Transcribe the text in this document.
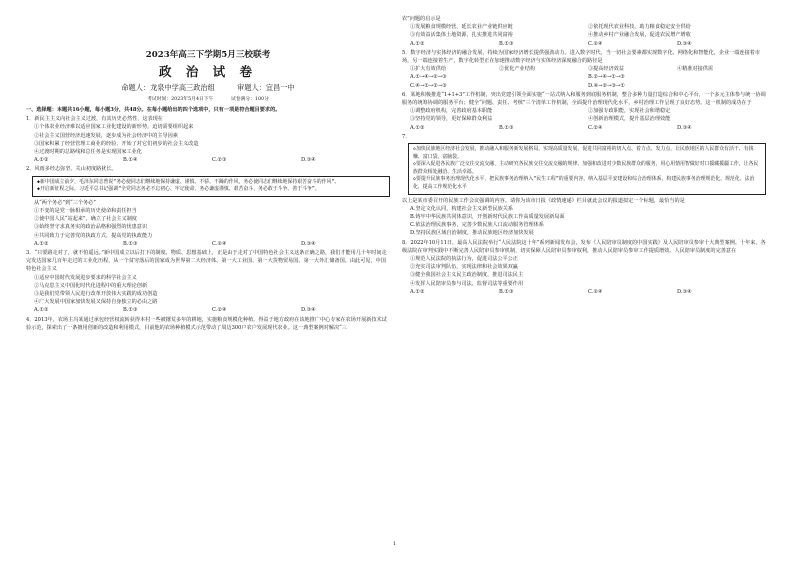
2023年高三下学期5月三校联考
政 治 试 卷
命题人：龙泉中学高三政治组	审题人：宜昌一中
考试时间：2023年5月4日下午	试卷满分：100分
一、选择题：本题共16小题，每小题3分，共48分。在每小题给出的四个选项中，只有一项是符合题目要求的。
1．新民主主义向社会主义过渡，有其历史必然性，这表现在
①个体农业经济难以适应国家工业化建设的新形势，迫切需要组织起来
②社会主义国营经济迅速发展，逐步成为社会经济中的主导因素
③国家积累了经营管理工商业的经验，开始了对它们初步的社会主义改造
④过渡时期的总路线和总任务是实现国家工业化
A.①②	B.①④	C.②③	D.③④
2．风雨多经志弥坚，关山初度路犹长。
◆新中国成立前夕，毛泽东同志曾说“务必使同志们继续地保持谦虚、谨慎、不骄、不躁的作风，务必使同志们继续地保持艰苦奋斗的作风”。
◆开启新征程之际，习近平总书记强调“全党同志务必不忘初心、牢记使命，务必谦虚谨慎、艰苦奋斗，务必敢于斗争、善于斗争”。
从“两个务必”到“三个务必”
①不变的是党一脉相承的历史使命和责任担当
②使中国人民“站起来”，确立了社会主义制度
③始终坚守求真务实的政治品格和强烈的忧患意识
④共同致力于完善党的执政方式，提高党的执政能力
A.①②	B.①③	C.②④	D.③④
3．“只要路走对了，就不怕遥远。”新中国成立以后打下的制度、物质、思想基础上，正是由于走对了中国特色社会主义这条正确之路，我们才能用几十年时间走完发达国家几百年走过的工业化历程，从一个贫穷落后的国家成为世界第二大经济体、第一大工业国、第一大货物贸易国、第一大外汇储备国。由此可见，中国特色社会主义
①适应中国时代发展进步要求的科学社会主义
②马克思主义中国化时代化进程中的重大理论创新
③是我们党带领人民进行改革开放伟大实践的成功创造
④广大发展中国家加快发展又保持自身独立的必由之路
A.①②	B.①③	C.②④	D.③④
4．2013年，农场主冯某通过承包经营权流转获得本村一些被撂荒多年的耕地，实施粮食规模化种植。得益于地方政府在该地推广中心专家在农场开展新技术试验示范，探索出了一条擅用创新的改造和利用模式，目前他的农场种植模式示范带动了周边300户农户发展现代农业。这一典型案例对解决“三
农”问题的启示是
①发展粮食规模经营，延长农业产业链供应链	②依托现代农业科技，助力粮食稳定安全供给
③有效益活集体土地资源，扎实推进共同富裕	④推动乡村产业融合发展，促进农民增产增收
A.①②	B.①③	C.②④	D.③④
5．数字经济与实体经济的融合发展，持续为国家经济增长提供强劲动力。进入数字时代，当一切社会要素都实现数字化、网络化和智能化，企业一端连接着市场，另一端连接着生产，数字化转型正在加速推动数字经济与实体经济深度融合的路径是
①扩大有效供给	②优化产业结构	③提高经济效益	④精准对接供需
A.①→④→②→③	B.②→④→①→③
C.④→①→②→③	D.④→②→③→①
6．某地积极推进“1+1+3”工作机制，突出党建引领全面实施“一站式纳入和服务到底服务机制，整合多种力量打造综合和中心平台，一个多元主体参与统一协调服务的统筹协调的服务平台；健全“问题、责任、考核”三个清单工作机制，全面提升治理现代化水平，乡村治理工作呈现了良好态势。这一机制的成功在于
①调整政府机构，完善政府基本职能	②加强专政职能，实现社会和谐稳定
③坚持党的领导，更好保障群众利益	④创新治理模式，提升基层治理效能
A.①②	B.①③	C.②④	D.③④
7．
◇加快民族地区经济社会发展，推动融入和服务新发展格局，实现高质量发展，促进共同富裕的切入点、着力点、发力点，让民族地区的人民群众有活干、有钱赚、富口袋、富脑袋。
◇要深入促进各民族广泛交往交流交融，主动研究各民族交往交流交融的规律，加强和改进对少数民族群众的服务，用心用情用智做好对口援藏援疆工作，让各民族群众相处融洽、生活幸福。
◇要提升民族事务治理现代化水平，把民族事务治理纳入“民生工程”的重要内容，纳入基层平安建设和综合治理体系，构建民族事务治理规范化、规范化、法治化，提高工作规范化水平
以上是某市委召开的民族工作会议强调的内容。请你为该市日报《政情速递》栏目就此会议的报道拟定一个标题，最恰当的是
A.坚定文化认同，构建社会主义新型民族关系
B.铸牢中华民族共同体意识，开创新时代民族工作高质量发展新局面
C.依法治理民族事务，完善少数民族人口流动服务管理体系
D.坚持民族区域自治制度，推动民族地区经济加快发展
8．2022年10月11日，最高人民法院举行“人民法院这十年”系列新闻发布会，发布《人民陪审员制度的中国实践》及人民陪审员参审十大典型案例。十年来，各级法院在审判实践中不断完善人民陪审员参审机制，切实保障人民陪审员参审权利，推动人民陪审员参审工作提质增效。人民陪审员制度的完善意在
①规范人民法院的执法行为，促进司法公平公正
②充实司法审判队伍，实现法律和社会效果双赢
③健全我国社会主义民主政治制度，推进司法民主
④发挥人民陪审员参与司法、监督司法等重要作用
A.①②	B.①③	C.②④	D.③④
1
